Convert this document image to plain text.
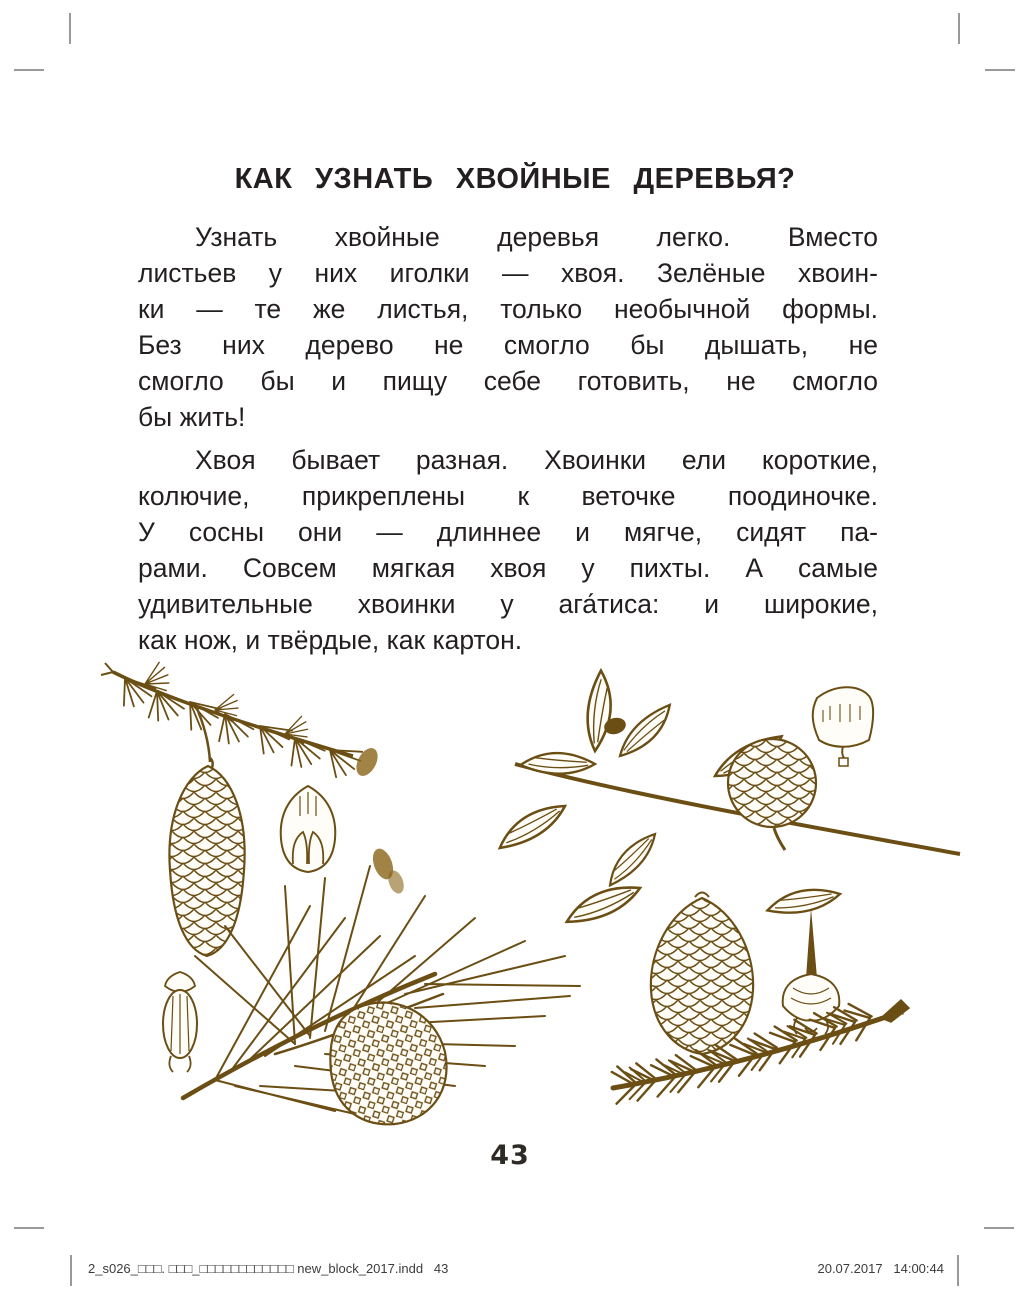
КАК УЗНАТЬ ХВОЙНЫЕ ДЕРЕВЬЯ?
Узнать хвойные деревья легко. Вместо
листьев у них иголки — хвоя. Зелёные хвоин-
ки — те же листья, только необычной формы.
Без них дерево не смогло бы дышать, не
смогло бы и пищу себе готовить, не смогло
бы жить!
Хвоя бывает разная. Хвоинки ели короткие,
колючие, прикреплены к веточке поодиночке.
У сосны они — длиннее и мягче, сидят па-
рами. Совсем мягкая хвоя у пихты. А самые
удивительные хвоинки у ага́тиса: и широкие,
как нож, и твёрдые, как картон.
43
2_s026_□□□. □□□_□□□□□□□□□□□□ new_block_2017.indd   43	20.07.2017   14:00:44
